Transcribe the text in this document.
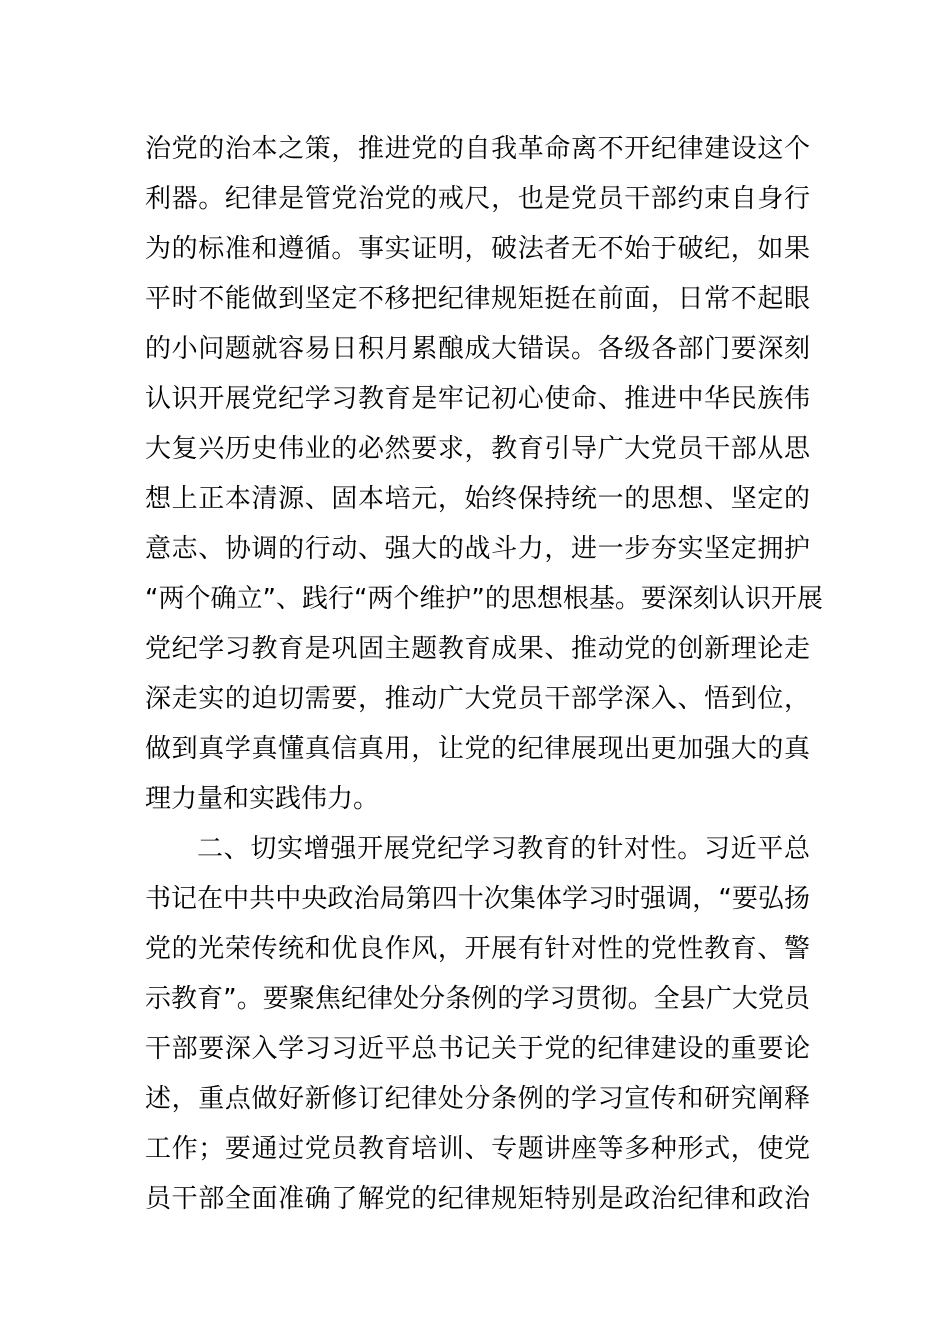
治党的治本之策，推进党的自我革命离不开纪律建设这个
利器。纪律是管党治党的戒尺，也是党员干部约束自身行
为的标准和遵循。事实证明，破法者无不始于破纪，如果
平时不能做到坚定不移把纪律规矩挺在前面，日常不起眼
的小问题就容易日积月累酿成大错误。各级各部门要深刻
认识开展党纪学习教育是牢记初心使命、推进中华民族伟
大复兴历史伟业的必然要求，教育引导广大党员干部从思
想上正本清源、固本培元，始终保持统一的思想、坚定的
意志、协调的行动、强大的战斗力，进一步夯实坚定拥护
“两个确立”、践行“两个维护”的思想根基。要深刻认识开展
党纪学习教育是巩固主题教育成果、推动党的创新理论走
深走实的迫切需要，推动广大党员干部学深入、悟到位，
做到真学真懂真信真用，让党的纪律展现出更加强大的真
理力量和实践伟力。
二、切实增强开展党纪学习教育的针对性。习近平总
书记在中共中央政治局第四十次集体学习时强调，“要弘扬
党的光荣传统和优良作风，开展有针对性的党性教育、警
示教育”。要聚焦纪律处分条例的学习贯彻。全县广大党员
干部要深入学习习近平总书记关于党的纪律建设的重要论
述，重点做好新修订纪律处分条例的学习宣传和研究阐释
工作；要通过党员教育培训、专题讲座等多种形式，使党
员干部全面准确了解党的纪律规矩特别是政治纪律和政治
